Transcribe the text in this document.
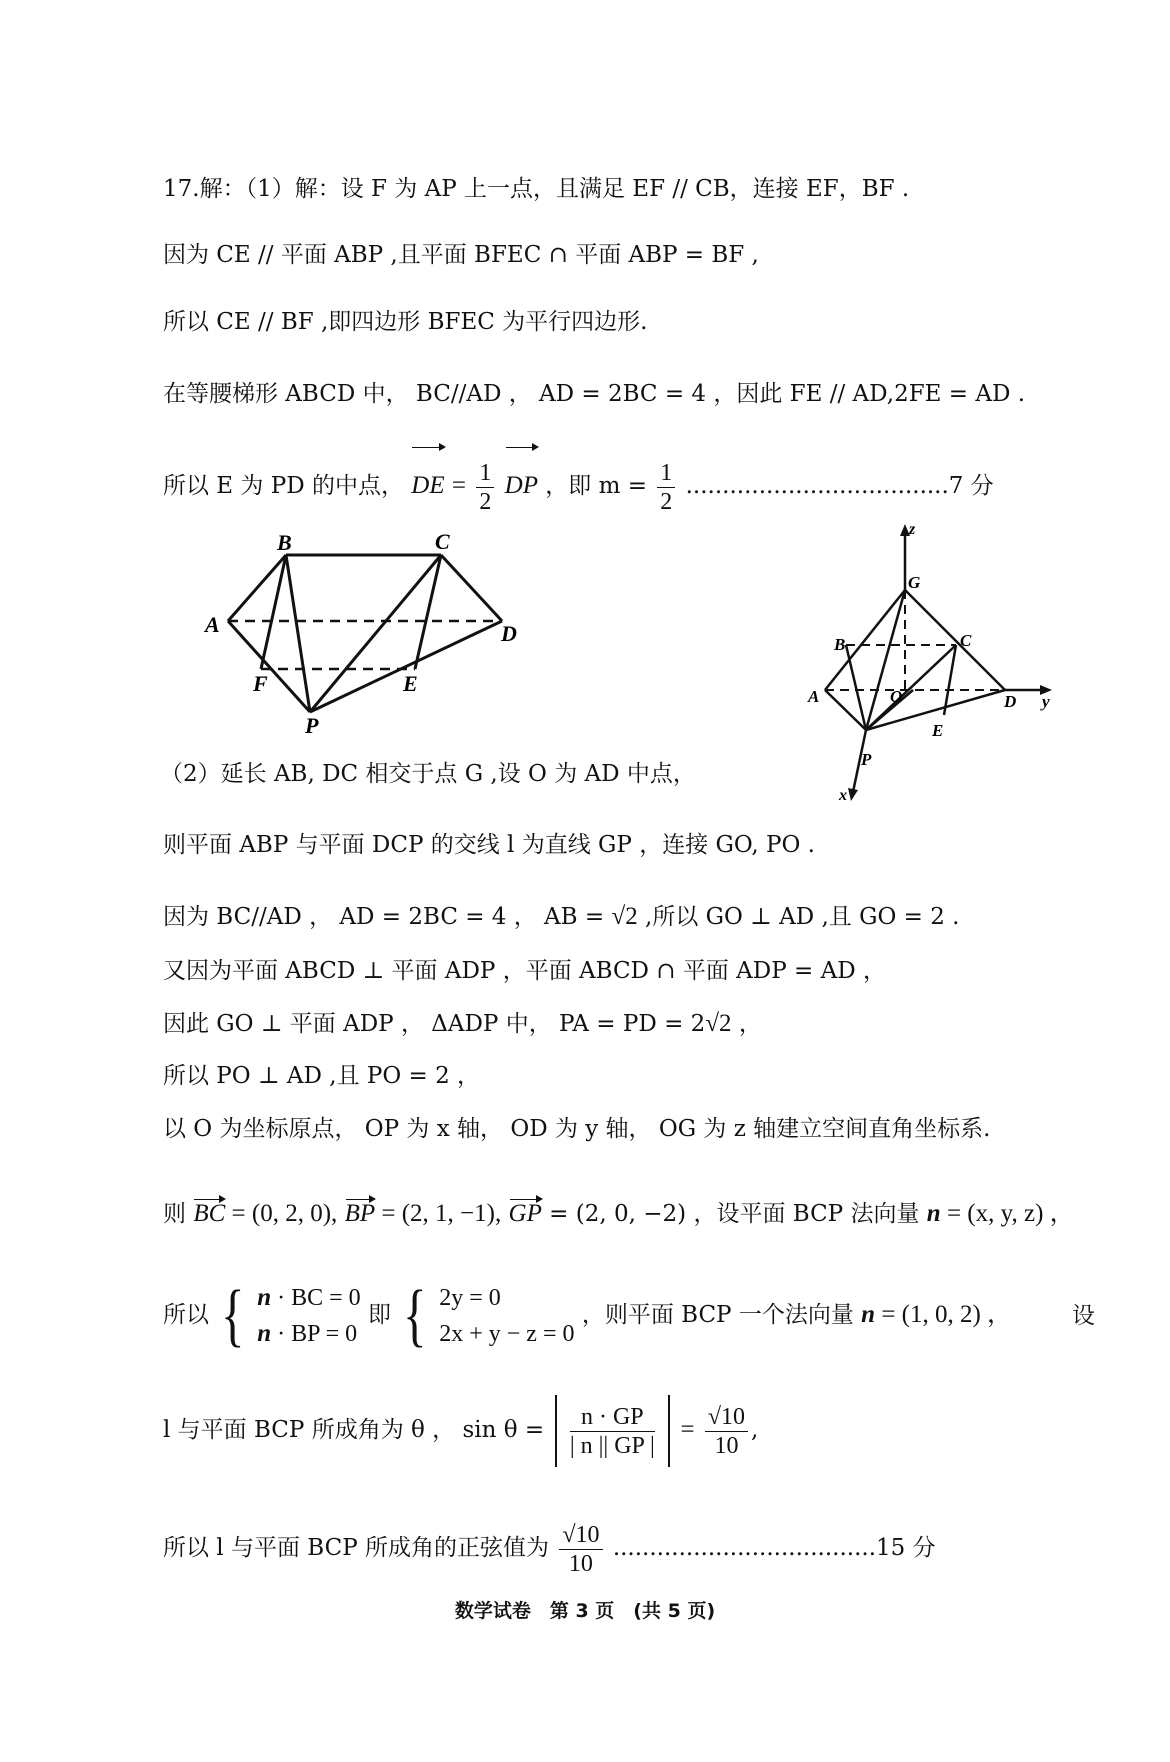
17.解：（1）解：设 F 为 AP 上一点，且满足 EF // CB，连接 EF，BF .
因为 CE // 平面 ABP ,且平面 BFEC ∩ 平面 ABP = BF ,
所以 CE // BF ,即四边形 BFEC 为平行四边形.
在等腰梯形 ABCD 中， BC//AD ， AD = 2BC = 4 ，因此 FE // AD,2FE = AD .
所以 E 为 PD 的中点， DE = $\frac{1}{2}$ DP ，即 $m = \frac{1}{2} ....................................7$ 分
A
B	C
D
E
F
P
z
G
B	C
A	O	D y
E
P
x
（2）延长 AB, DC 相交于点 G ,设 O 为 AD 中点，
则平面 ABP 与平面 DCP 的交线 l 为直线 GP ，连接 GO, PO .
因为 BC//AD ， AD = 2BC = 4 ， AB = √2 ,所以 GO ⊥ AD ,且 GO = 2 .
又因为平面 ABCD ⊥ 平面 ADP ，平面 ABCD ∩ 平面 ADP = AD ，
因此 GO ⊥ 平面 ADP ， ΔADP 中， PA = PD = 2√2 ，
所以 PO ⊥ AD ,且 PO = 2 ，
以 O 为坐标原点， OP 为 x 轴， OD 为 y 轴， OG 为 z 轴建立空间直角坐标系.
则 BC = (0, 2, 0), BP = (2, 1, −1), GP = (2, 0, −2) ，设平面 BCP 法向量 n = (x, y, z) ，
所以 { n · BC = 0
n · BP = 0
即 { 2y = 0
2x + y − z = 0
，则平面 BCP 一个法向量 n = (1, 0, 2) ，	设
l 与平面 BCP 所成角为 θ ， $\sin \theta = \frac{n \cdot GP}{| n || GP |} = \frac{√10}{10}$ ,
所以 l 与平面 BCP 所成角的正弦值为 $\frac{√10}{10} ....................................15$ 分
数学试卷　第 3 页　(共 5 页)
